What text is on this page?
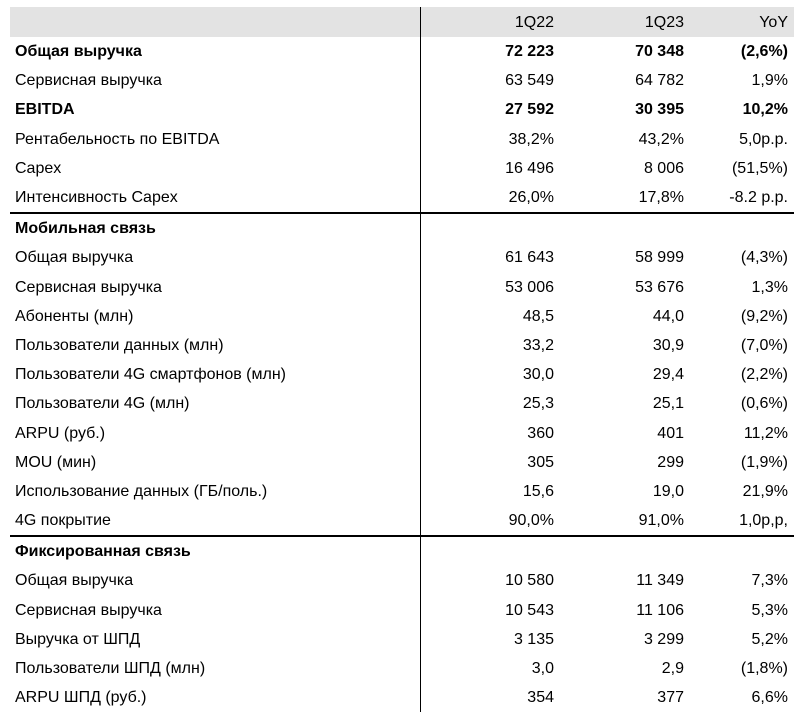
	1Q22	1Q23	YoY
Общая выручка	72 223	70 348	(2,6%)
Сервисная выручка	63 549	64 782	1,9%
EBITDA	27 592	30 395	10,2%
Рентабельность по EBITDA	38,2%	43,2%	5,0р.р.
Capex	16 496	8 006	(51,5%)
Интенсивность Capex	26,0%	17,8%	-8.2 p.p.
Мобильная связь			
Общая выручка	61 643	58 999	(4,3%)
Сервисная выручка	53 006	53 676	1,3%
Абоненты (млн)	48,5	44,0	(9,2%)
Пользователи данных (млн)	33,2	30,9	(7,0%)
Пользователи 4G смартфонов (млн)	30,0	29,4	(2,2%)
Пользователи 4G (млн)	25,3	25,1	(0,6%)
ARPU (руб.)	360	401	11,2%
MOU (мин)	305	299	(1,9%)
Использование данных (ГБ/поль.)	15,6	19,0	21,9%
4G покрытие	90,0%	91,0%	1,0р,р,
Фиксированная связь			
Общая выручка	10 580	11 349	7,3%
Сервисная выручка	10 543	11 106	5,3%
Выручка от ШПД	3 135	3 299	5,2%
Пользователи ШПД (млн)	3,0	2,9	(1,8%)
ARPU ШПД (руб.)	354	377	6,6%
